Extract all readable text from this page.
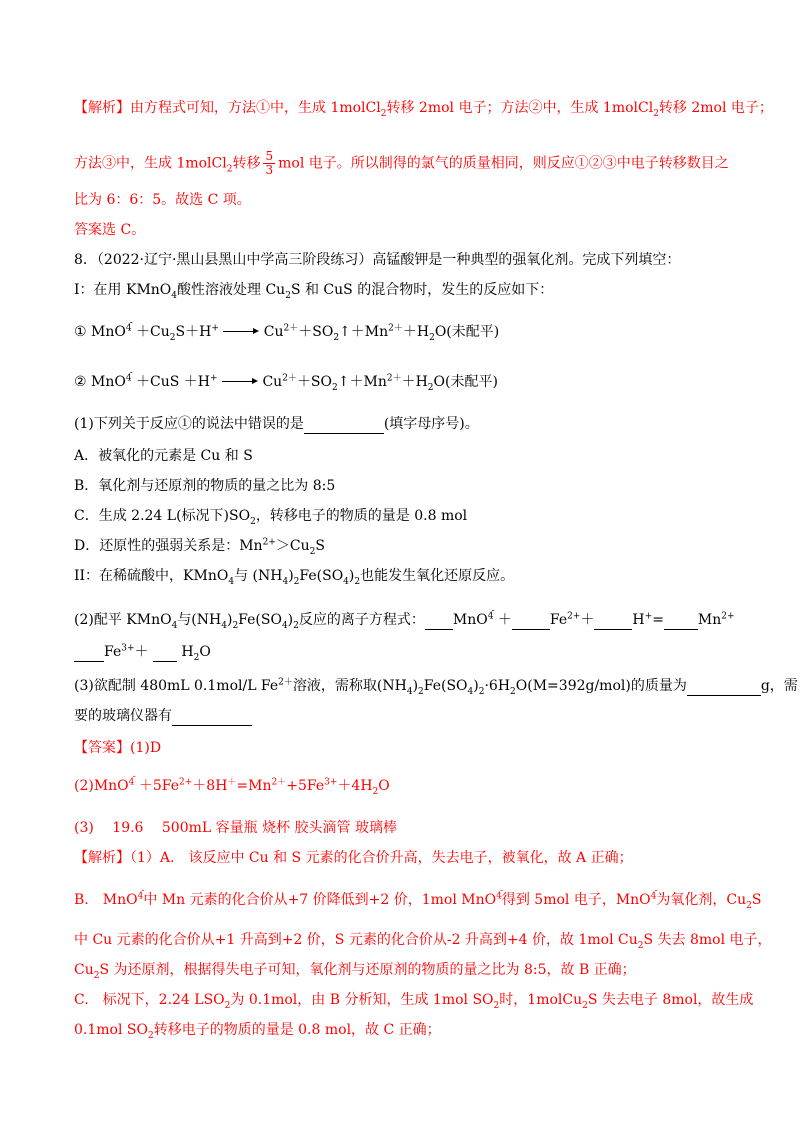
【解析】由方程式可知，方法①中，生成 1molCl$_2$转移 2mol 电子；方法②中，生成 1molCl$_2$转移 2mol 电子；
方法③中，生成 1molCl$_2$转移 $\frac{5}{3}$ mol 电子。所以制得的氯气的质量相同，则反应①②③中电子转移数目之
比为 6：6：5。故选 C 项。
答案选 C。
8．（2022·辽宁·黑山县黑山中学高三阶段练习）高锰酸钾是一种典型的强氧化剂。完成下列填空：
I：在用 KMnO$_4$酸性溶液处理 $Cu_2S$ 和 CuS 的混合物时，发生的反应如下：
① MnO
-
$^4 +Cu_2S+H^+$	$Cu^{2+}+SO_2↑+Mn^{2+}+H_2O$(未配平)
② MnO
-
$^4$ ＋CuS ＋H+	$Cu^{2+}+SO_2↑+Mn^{2+}+H_2O$(未配平)
(1)下列关于反应①的说法中错误的是	(填字母序号)。
A．被氧化的元素是 Cu 和 S
B．氧化剂与还原剂的物质的量之比为 8:5
C．生成 2.24 L(标况下)$SO_2$，转移电子的物质的量是 0.8 mol
D．还原性的强弱关系是：$Mn^{2+}>Cu_2S$
II：在稀硫酸中，KMnO$_4$与 $(NH_4)_2Fe(SO_4)_2$也能发生氧化还原反应。
(2)配平 KMnO$_4$与$(NH_4)_2Fe(SO_4)_2$反应的离子方程式： MnO
-
$^4$ ＋	$Fe^{2+}+$	$H^+= Mn^{2+}$
$Fe^{3+}+ H_2O$
(3)欲配制 480mL 0.1mol/L $Fe^{2+}$溶液，需称取$(NH_4)_2Fe(SO_4)_2\cdot 6H_2O(M=392g/mol)$的质量为	g，需
要的玻璃仪器有
【答案】(1)D
(2)MnO
-
$^4 +5Fe^{2+}+8H^+=Mn^{2+}+5Fe^{3+}+4H_2O$
(3)　 19.6　 500mL 容量瓶 烧杯 胶头滴管 玻璃棒
【解析】（1）A.　该反应中 Cu 和 S 元素的化合价升高，失去电子，被氧化，故 A 正确；
B.　MnO
-
$^4$中 Mn 元素的化合价从+7 价降低到+2 价，1mol MnO
-
$^4$得到 5mol 电子，MnO
-
$^4$为氧化剂，$Cu_2S$
中 Cu 元素的化合价从+1 升高到+2 价，S 元素的化合价从-2 升高到+4 价，故 1mol $Cu_2S$ 失去 8mol 电子，
$Cu_2S$ 为还原剂，根据得失电子可知，氧化剂与还原剂的物质的量之比为 8:5，故 B 正确；
C.　标况下，2.24 $LSO_2$为 0.1mol，由 B 分析知，生成 1mol $SO_2$时，1molCu$_2$S 失去电子 8mol，故生成
0.1mol $SO_2$转移电子的物质的量是 0.8 mol，故 C 正确；
